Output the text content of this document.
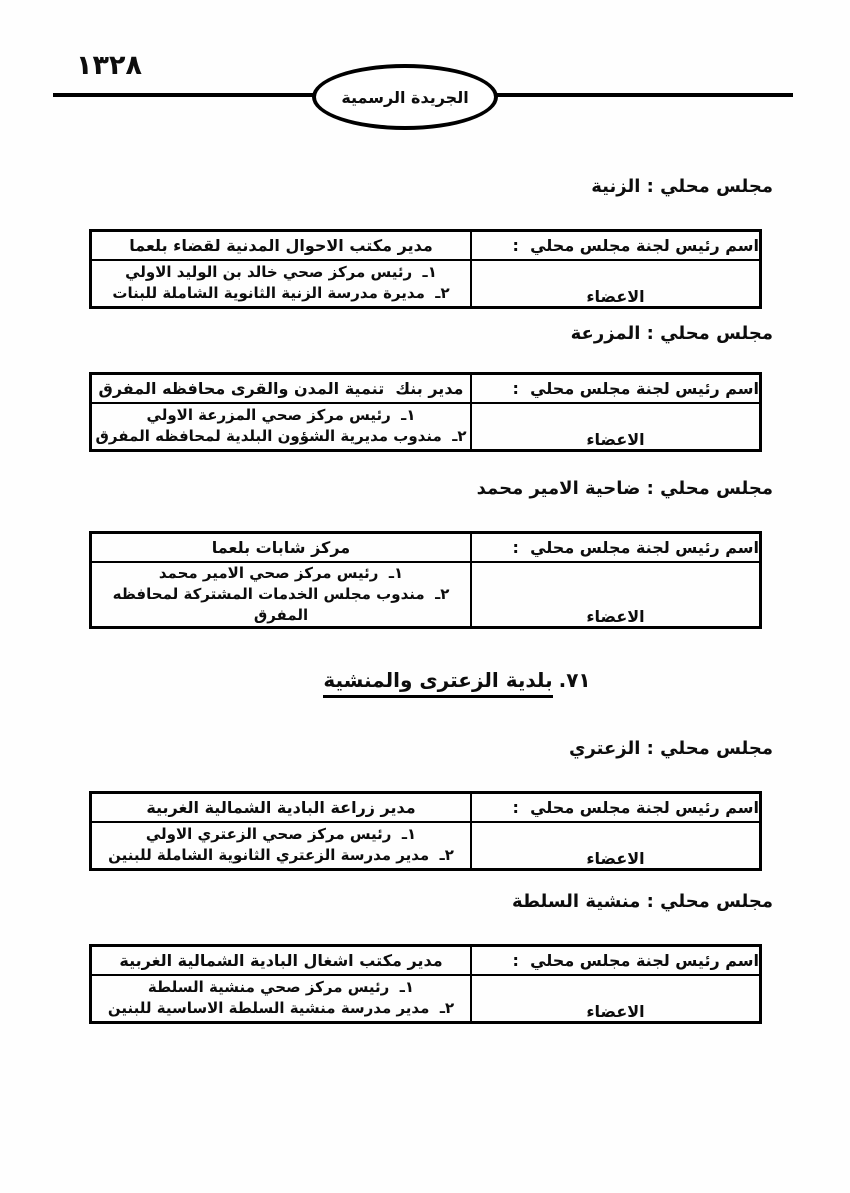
١٣٢٨
الجريدة الرسمية
مجلس محلي : الزنية
اسم رئيس لجنة مجلس محلي  :	مدير مكتب الاحوال المدنية لقضاء بلعما
الاعضاء	١ـ  رئيس مركز صحي خالد بن الوليد الاولي
٢ـ  مديرة مدرسة الزنية الثانوية الشاملة للبنات
مجلس محلي : المزرعة
اسم رئيس لجنة مجلس محلي  :	مدير بنك  تنمية المدن والقرى محافظه المفرق
الاعضاء	١ـ  رئيس مركز صحي المزرعة الاولي
٢ـ  مندوب مديرية الشؤون البلدية لمحافظه المفرق
مجلس محلي : ضاحية الامير محمد
اسم رئيس لجنة مجلس محلي  :	مركز شابات بلعما
الاعضاء	١ـ  رئيس مركز صحي الامير محمد
٢ـ  مندوب مجلس الخدمات المشتركة لمحافظه المفرق
٧١.بلدية الزعترى والمنشية
مجلس محلي : الزعتري
اسم رئيس لجنة مجلس محلي  :	مدير زراعة البادية الشمالية الغربية
الاعضاء	١ـ  رئيس مركز صحي الزعتري الاولي
٢ـ  مدير مدرسة الزعتري الثانوية الشاملة للبنين
مجلس محلي : منشية السلطة
اسم رئيس لجنة مجلس محلي  :	مدير مكتب اشغال البادية الشمالية الغربية
الاعضاء	١ـ  رئيس مركز صحي منشية السلطة
٢ـ  مدير مدرسة منشية السلطة الاساسية للبنين
